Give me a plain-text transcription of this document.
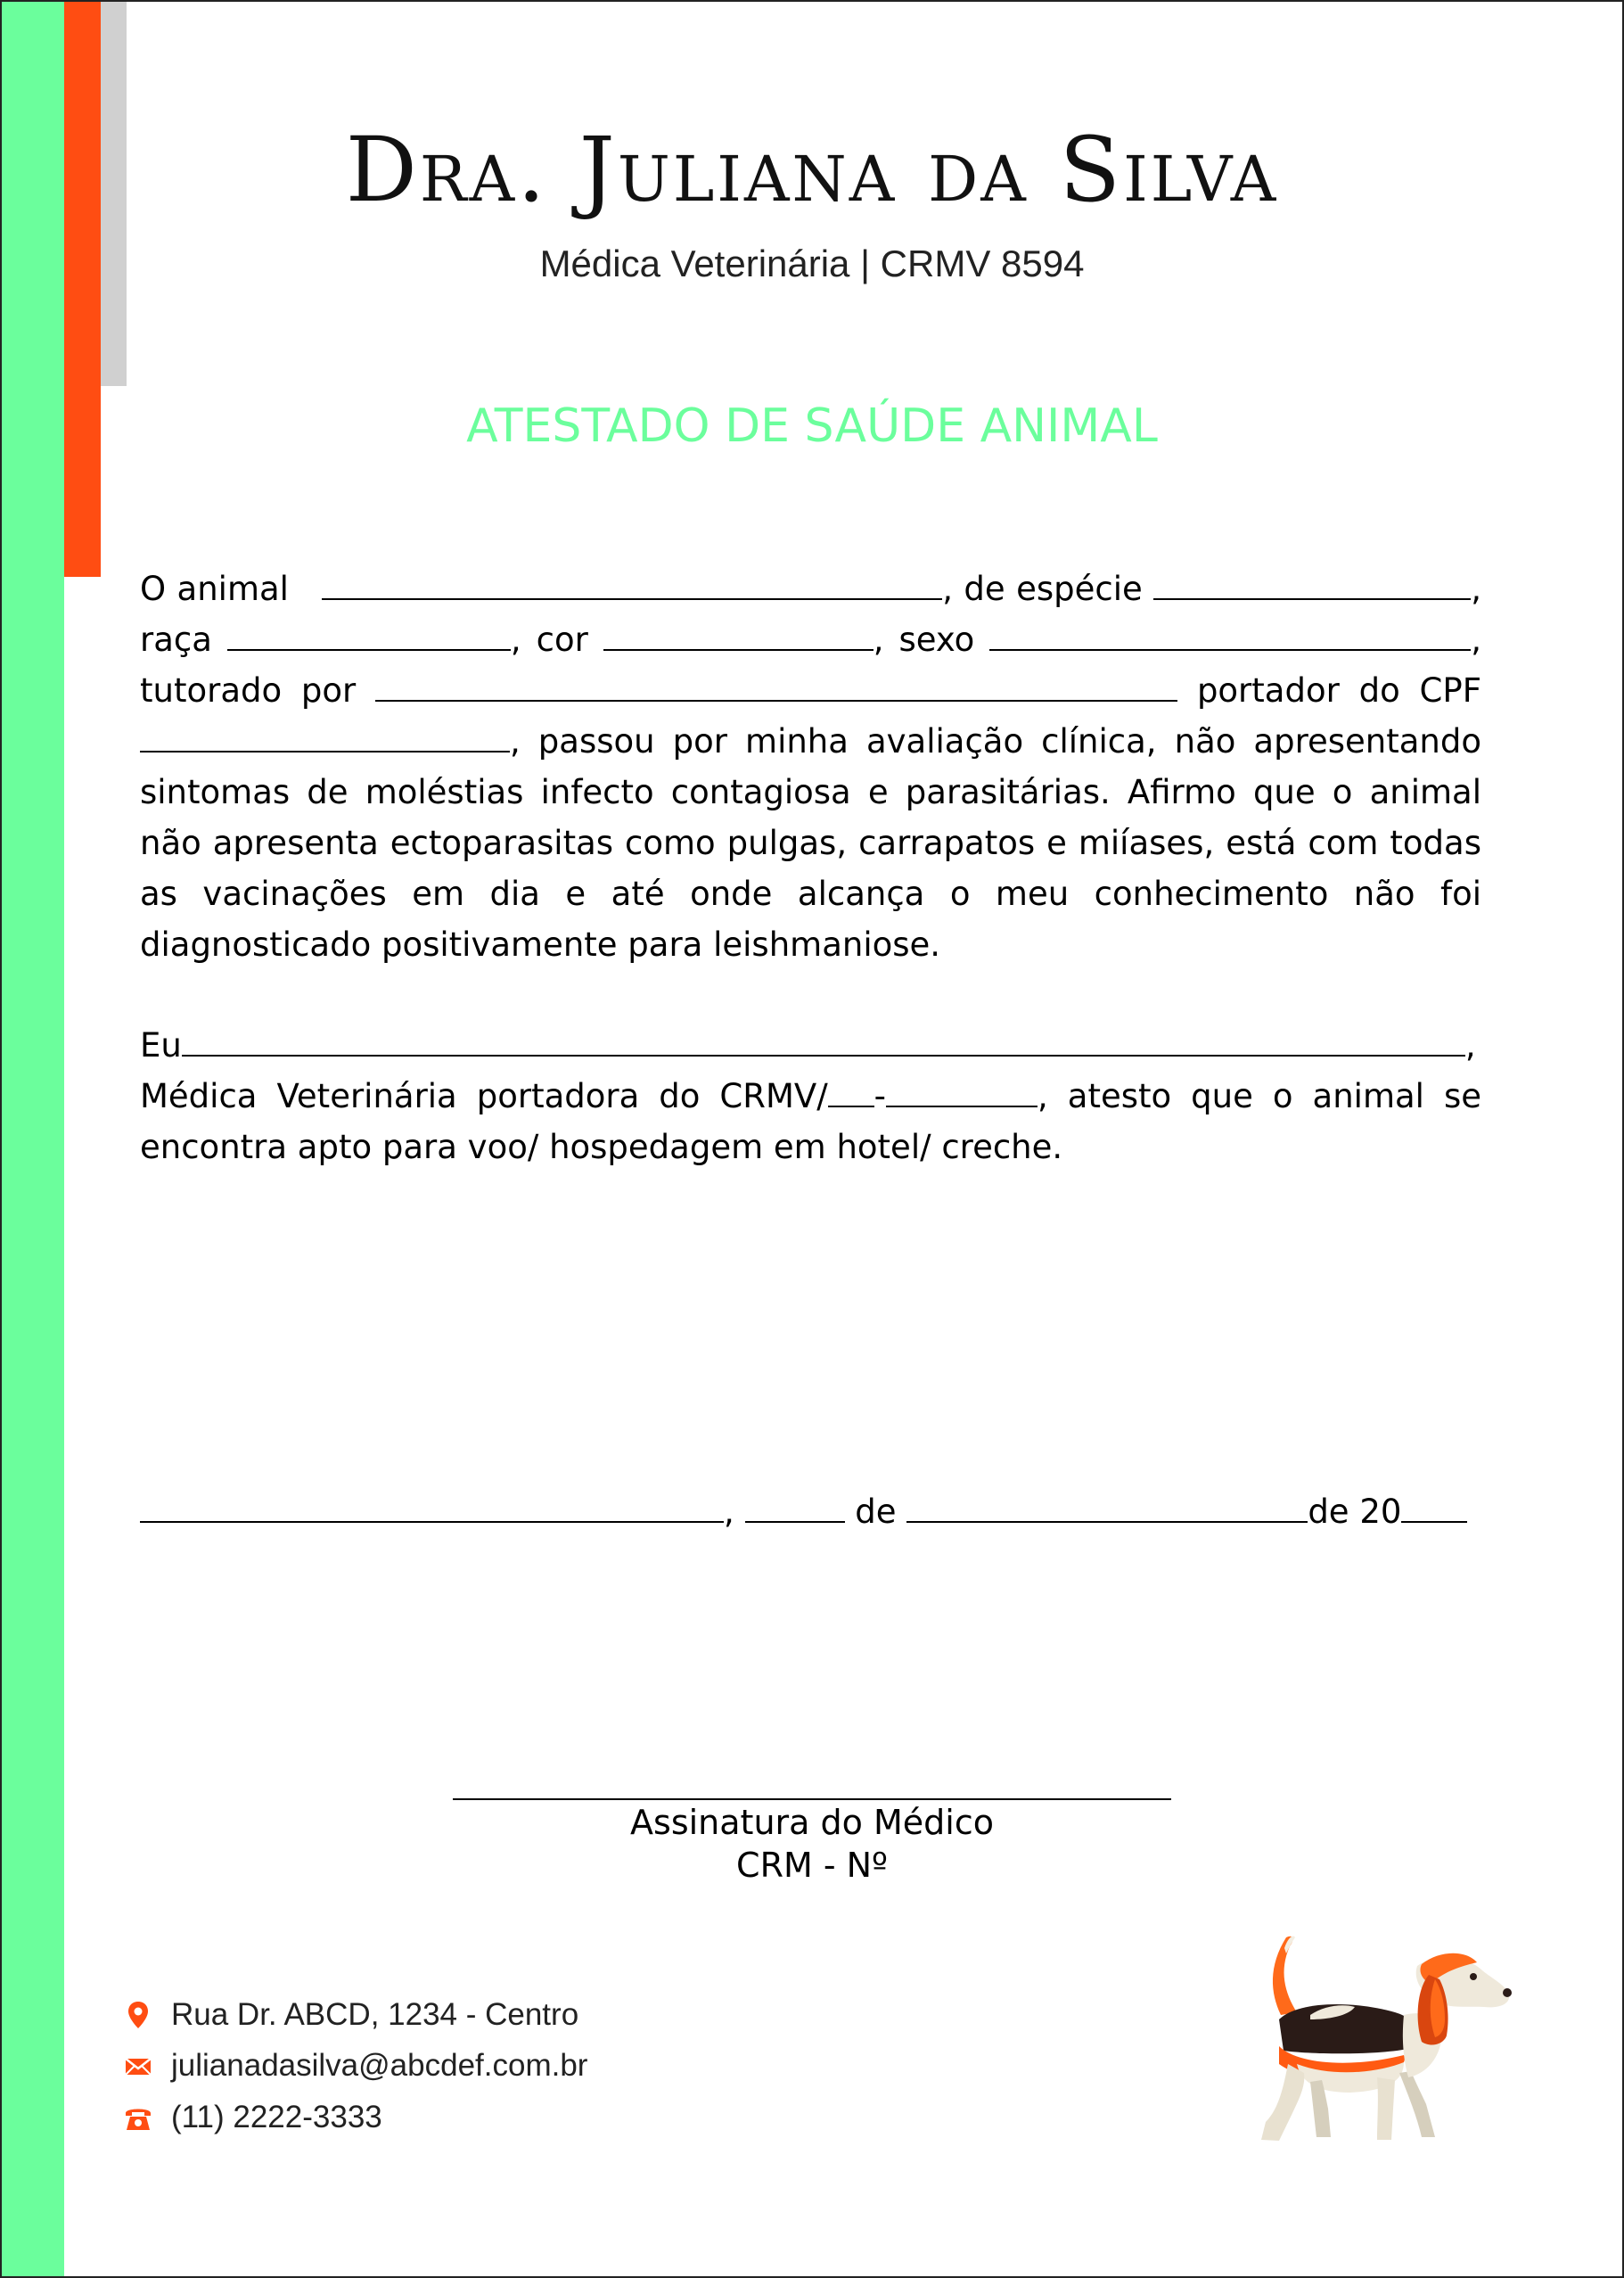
Dra. Juliana da Silva
Médica Veterinária | CRMV 8594
ATESTADO DE SAÚDE ANIMAL

O animal	, de espécie	, raça	, cor	, sexo	, tutorado por	portador do CPF , passou por minha avaliação clínica, não apresentando sintomas de moléstias infecto contagiosa e parasitárias. Afirmo que o animal não apresenta ectoparasitas como pulgas, carrapatos e miíases, está com todas as vacinações em dia e até onde alcança o meu conhecimento não foi diagnosticado positivamente para leishmaniose.

Eu	, Médica Veterinária portadora do CRMV/ -	, atesto que o animal se encontra apto para voo/ hospedagem em hotel/ creche.

,	de	de 20
Assinatura do Médico
CRM - Nº
Rua Dr. ABCD, 1234 - Centro
julianadasilva@abcdef.com.br
(11) 2222-3333
